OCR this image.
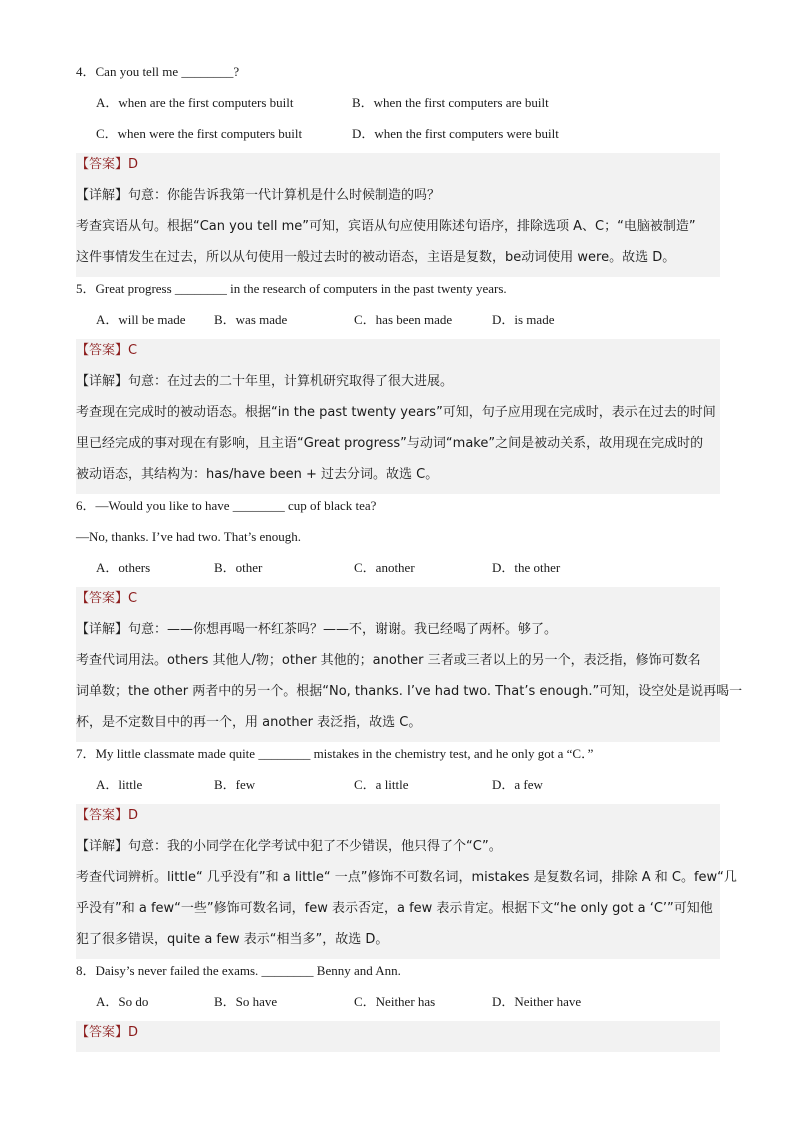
4．Can you tell me ________?
A．when are the first computers built	B．when the first computers are built
C．when were the first computers built	D．when the first computers were built
【答案】D
【详解】句意：你能告诉我第一代计算机是什么时候制造的吗？
考查宾语从句。根据“Can you tell me”可知，宾语从句应使用陈述句语序，排除选项 A、C；“电脑被制造”
这件事情发生在过去，所以从句使用一般过去时的被动语态，主语是复数，be动词使用 were。故选 D。
5．Great progress ________ in the research of computers in the past twenty years.
A．will be made	B．was made	C．has been made	D．is made
【答案】C
【详解】句意：在过去的二十年里，计算机研究取得了很大进展。
考查现在完成时的被动语态。根据“in the past twenty years”可知，句子应用现在完成时，表示在过去的时间
里已经完成的事对现在有影响，且主语“Great progress”与动词“make”之间是被动关系，故用现在完成时的
被动语态，其结构为：has/have been + 过去分词。故选 C。
6．—Would you like to have ________ cup of black tea?
—No, thanks. I’ve had two. That’s enough.
A．others	B．other	C．another	D．the other
【答案】C
【详解】句意：——你想再喝一杯红茶吗？——不，谢谢。我已经喝了两杯。够了。
考查代词用法。others 其他人/物；other 其他的；another 三者或三者以上的另一个，表泛指，修饰可数名
词单数；the other 两者中的另一个。根据“No, thanks. I’ve had two. That’s enough.”可知，设空处是说再喝一
杯，是不定数目中的再一个，用 another 表泛指，故选 C。
7．My little classmate made quite ________ mistakes in the chemistry test, and he only got a “C．”
A．little	B．few	C．a little	D．a few
【答案】D
【详解】句意：我的小同学在化学考试中犯了不少错误，他只得了个“C”。
考查代词辨析。little“ 几乎没有”和 a little“ 一点”修饰不可数名词，mistakes 是复数名词，排除 A 和 C。few“几
乎没有”和 a few“一些”修饰可数名词，few 表示否定，a few 表示肯定。根据下文“he only got a ‘C’”可知他
犯了很多错误，quite a few 表示“相当多”，故选 D。
8．Daisy’s never failed the exams. ________ Benny and Ann.
A．So do	B．So have	C．Neither has	D．Neither have
【答案】D
